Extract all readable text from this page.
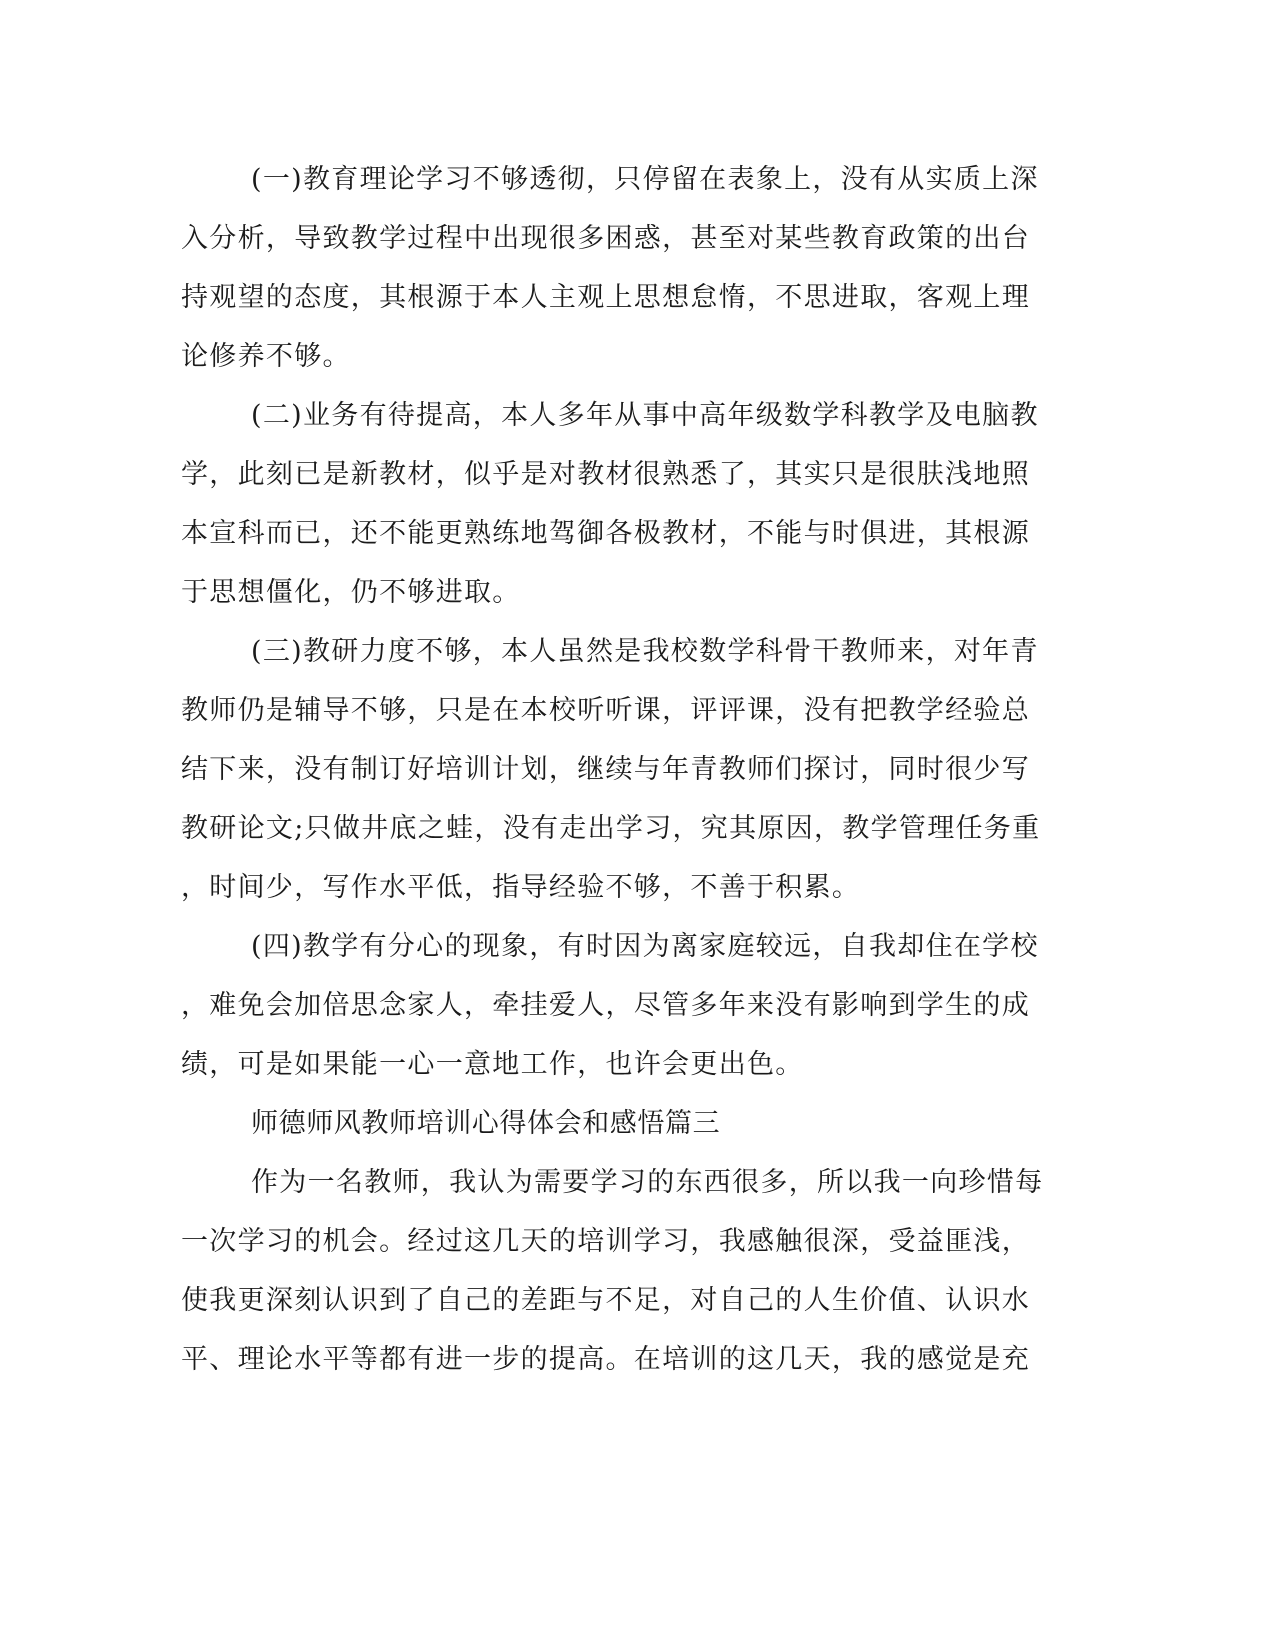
(一)教育理论学习不够透彻，只停留在表象上，没有从实质上深
入分析，导致教学过程中出现很多困惑，甚至对某些教育政策的出台
持观望的态度，其根源于本人主观上思想怠惰，不思进取，客观上理
论修养不够。
(二)业务有待提高，本人多年从事中高年级数学科教学及电脑教
学，此刻已是新教材，似乎是对教材很熟悉了，其实只是很肤浅地照
本宣科而已，还不能更熟练地驾御各极教材，不能与时俱进，其根源
于思想僵化，仍不够进取。
(三)教研力度不够，本人虽然是我校数学科骨干教师来，对年青
教师仍是辅导不够，只是在本校听听课，评评课，没有把教学经验总
结下来，没有制订好培训计划，继续与年青教师们探讨，同时很少写
教研论文;只做井底之蛙，没有走出学习，究其原因，教学管理任务重
，时间少，写作水平低，指导经验不够，不善于积累。
(四)教学有分心的现象，有时因为离家庭较远，自我却住在学校
，难免会加倍思念家人，牵挂爱人，尽管多年来没有影响到学生的成
绩，可是如果能一心一意地工作，也许会更出色。
师德师风教师培训心得体会和感悟篇三
作为一名教师，我认为需要学习的东西很多，所以我一向珍惜每
一次学习的机会。经过这几天的培训学习，我感触很深，受益匪浅，
使我更深刻认识到了自己的差距与不足，对自己的人生价值、认识水
平、理论水平等都有进一步的提高。在培训的这几天，我的感觉是充
